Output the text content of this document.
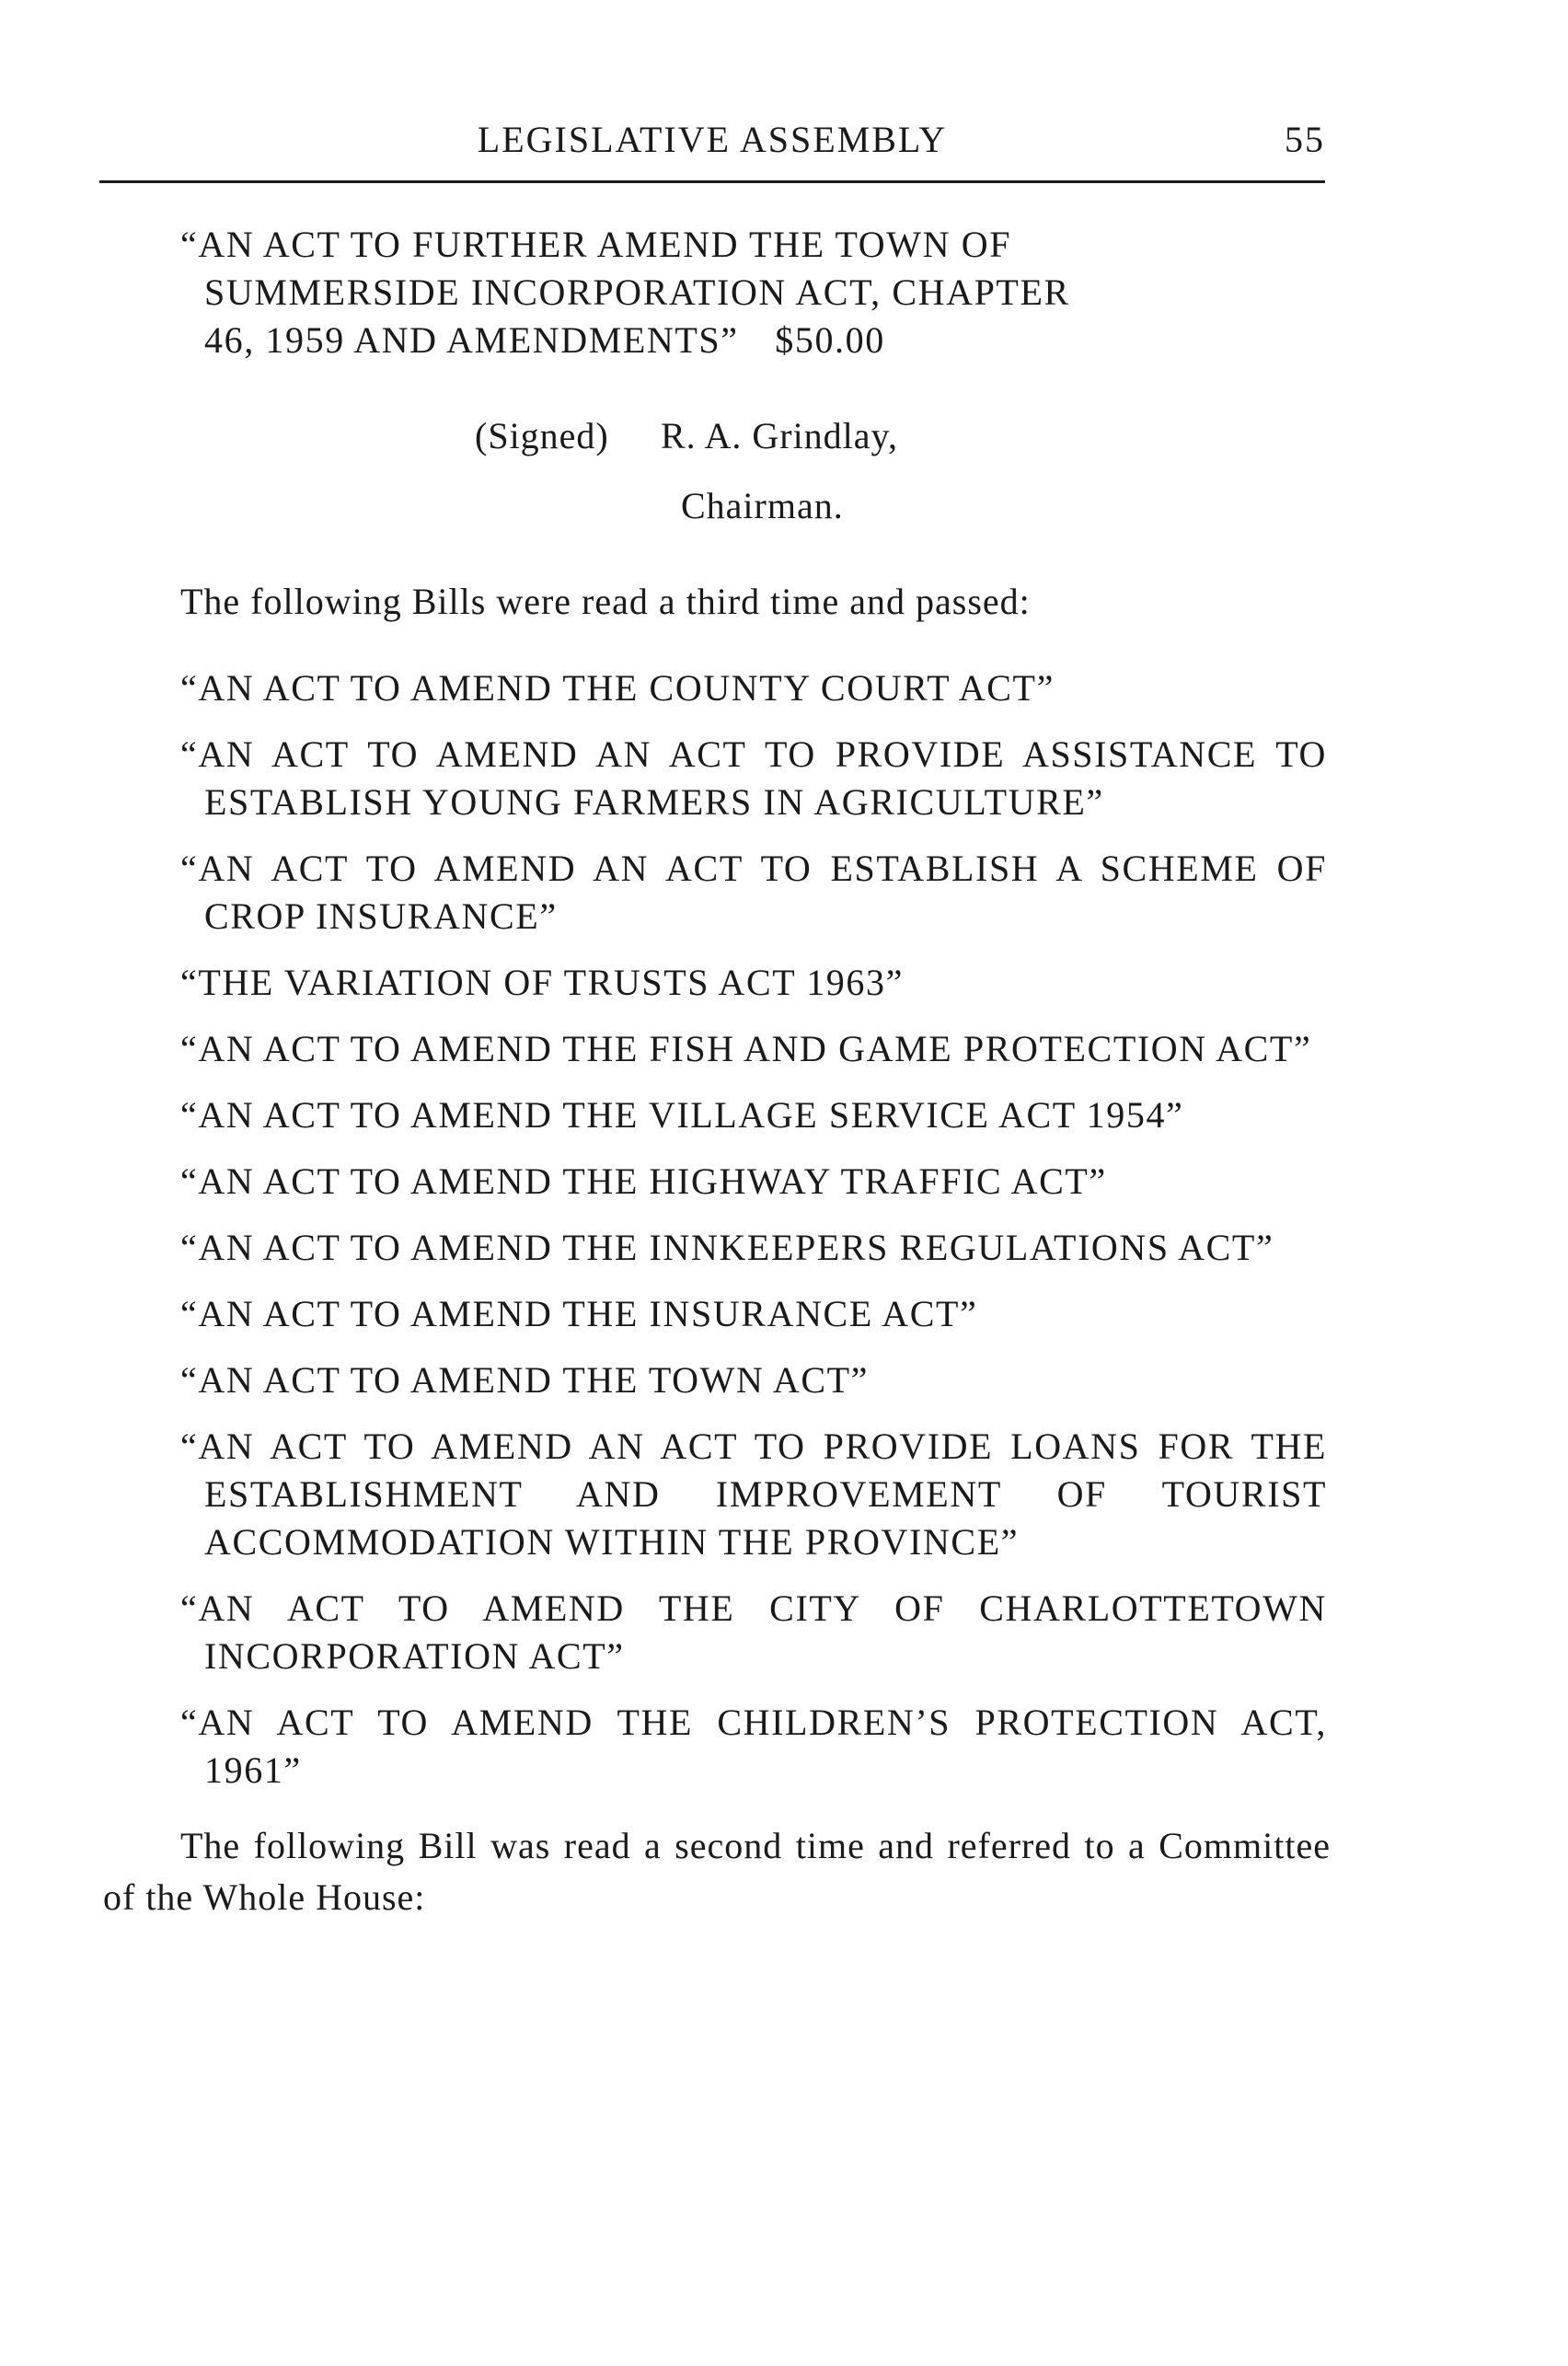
LEGISLATIVE ASSEMBLY	55
“AN ACT TO FURTHER AMEND THE TOWN OF
SUMMERSIDE INCORPORATION ACT, CHAPTER
46, 1959 AND AMENDMENTS” $50.00
(Signed) R. A. Grindlay,
Chairman.

The following Bills were read a third time and passed:

“AN ACT TO AMEND THE COUNTY COURT ACT”
“AN ACT TO AMEND AN ACT TO PROVIDE ASSISTANCE TO ESTABLISH YOUNG FARMERS IN AGRICULTURE”
“AN ACT TO AMEND AN ACT TO ESTABLISH A SCHEME OF CROP INSURANCE”
“THE VARIATION OF TRUSTS ACT 1963”
“AN ACT TO AMEND THE FISH AND GAME PROTECTION ACT”
“AN ACT TO AMEND THE VILLAGE SERVICE ACT 1954”
“AN ACT TO AMEND THE HIGHWAY TRAFFIC ACT”
“AN ACT TO AMEND THE INNKEEPERS REGULATIONS ACT”
“AN ACT TO AMEND THE INSURANCE ACT”
“AN ACT TO AMEND THE TOWN ACT”
“AN ACT TO AMEND AN ACT TO PROVIDE LOANS FOR THE ESTABLISHMENT AND IMPROVEMENT OF TOURIST ACCOMMODATION WITHIN THE PROVINCE”
“AN ACT TO AMEND THE CITY OF CHARLOTTETOWN INCORPORATION ACT”
“AN ACT TO AMEND THE CHILDREN’S PROTECTION ACT, 1961”

The following Bill was read a second time and referred to a Committee of the Whole House:
